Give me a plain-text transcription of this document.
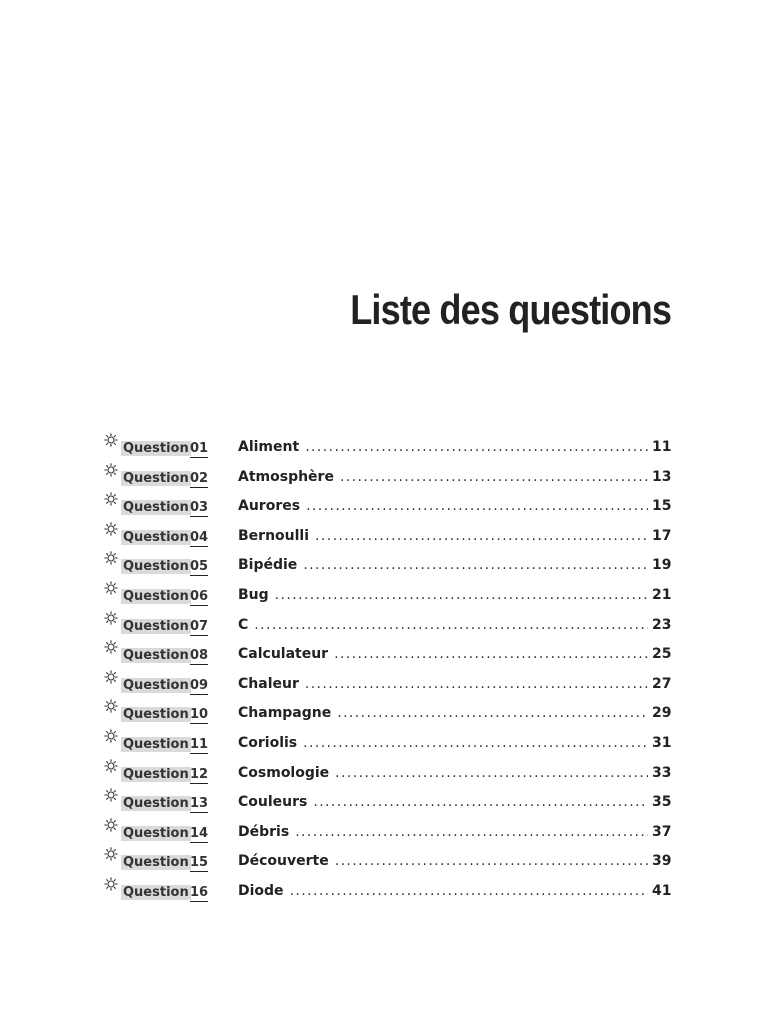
Liste des questions
Question 01 Aliment .....	11
Question 02 Atmosphère .....	13
Question 03 Aurores .....	15
Question 04 Bernoulli .....	17
Question 05 Bipédie .....	19
Question 06 Bug .....	21
Question 07 C .....	23
Question 08 Calculateur .....	25
Question 09 Chaleur .....	27
Question 10 Champagne .....	29
Question 11 Coriolis .....	31
Question 12 Cosmologie .....	33
Question 13 Couleurs .....	35
Question 14 Débris .....	37
Question 15 Découverte .....	39
Question 16 Diode .....	41
